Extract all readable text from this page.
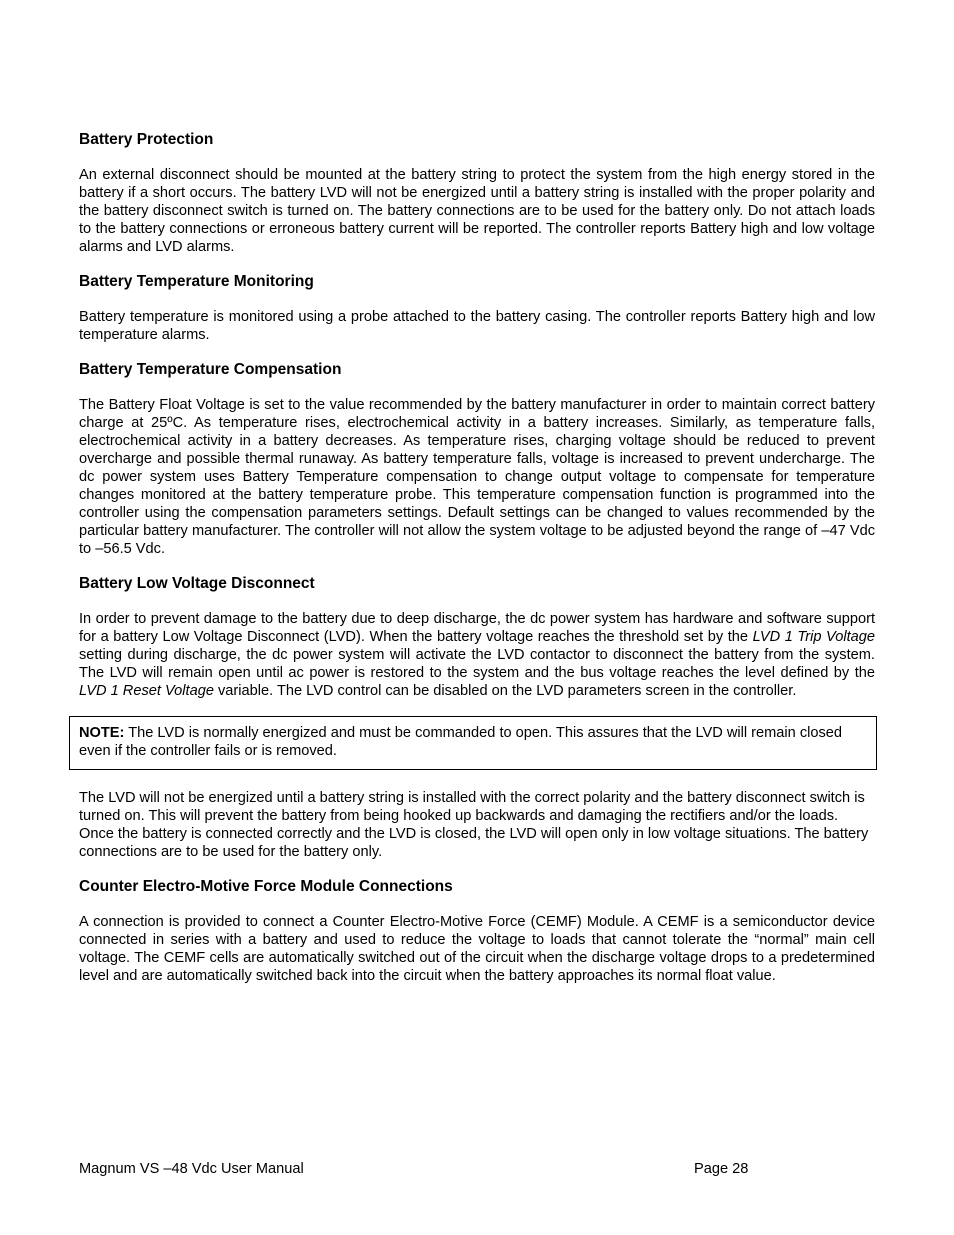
Battery Protection

An external disconnect should be mounted at the battery string to protect the system from the high energy stored in the battery if a short occurs. The battery LVD will not be energized until a battery string is installed with the proper polarity and the battery disconnect switch is turned on. The battery connections are to be used for the battery only. Do not attach loads to the battery connections or erroneous battery current will be reported. The controller reports Battery high and low voltage alarms and LVD alarms.

Battery Temperature Monitoring

Battery temperature is monitored using a probe attached to the battery casing. The controller reports Battery high and low temperature alarms.

Battery Temperature Compensation

The Battery Float Voltage is set to the value recommended by the battery manufacturer in order to maintain correct battery charge at 25ºC. As temperature rises, electrochemical activity in a battery increases. Similarly, as temperature falls, electrochemical activity in a battery decreases. As temperature rises, charging voltage should be reduced to prevent overcharge and possible thermal runaway. As battery temperature falls, voltage is increased to prevent undercharge. The dc power system uses Battery Temperature compensation to change output voltage to compensate for temperature changes monitored at the battery temperature probe. This temperature compensation function is programmed into the controller using the compensation parameters settings. Default settings can be changed to values recommended by the particular battery manufacturer. The controller will not allow the system voltage to be adjusted beyond the range of –47 Vdc to –56.5 Vdc.

Battery Low Voltage Disconnect

In order to prevent damage to the battery due to deep discharge, the dc power system has hardware and software support for a battery Low Voltage Disconnect (LVD). When the battery voltage reaches the threshold set by the LVD 1 Trip Voltage setting during discharge, the dc power system will activate the LVD contactor to disconnect the battery from the system. The LVD will remain open until ac power is restored to the system and the bus voltage reaches the level defined by the LVD 1 Reset Voltage variable. The LVD control can be disabled on the LVD parameters screen in the controller.

NOTE: The LVD is normally energized and must be commanded to open. This assures that the LVD will remain closed even if the controller fails or is removed.

The LVD will not be energized until a battery string is installed with the correct polarity and the battery disconnect switch is turned on. This will prevent the battery from being hooked up backwards and damaging the rectifiers and/or the loads. Once the battery is connected correctly and the LVD is closed, the LVD will open only in low voltage situations. The battery connections are to be used for the battery only.

Counter Electro-Motive Force Module Connections

A connection is provided to connect a Counter Electro-Motive Force (CEMF) Module. A CEMF is a semiconductor device connected in series with a battery and used to reduce the voltage to loads that cannot tolerate the “normal” main cell voltage. The CEMF cells are automatically switched out of the circuit when the discharge voltage drops to a predetermined level and are automatically switched back into the circuit when the battery approaches its normal float value.

Magnum VS –48 Vdc User Manual	Page 28
